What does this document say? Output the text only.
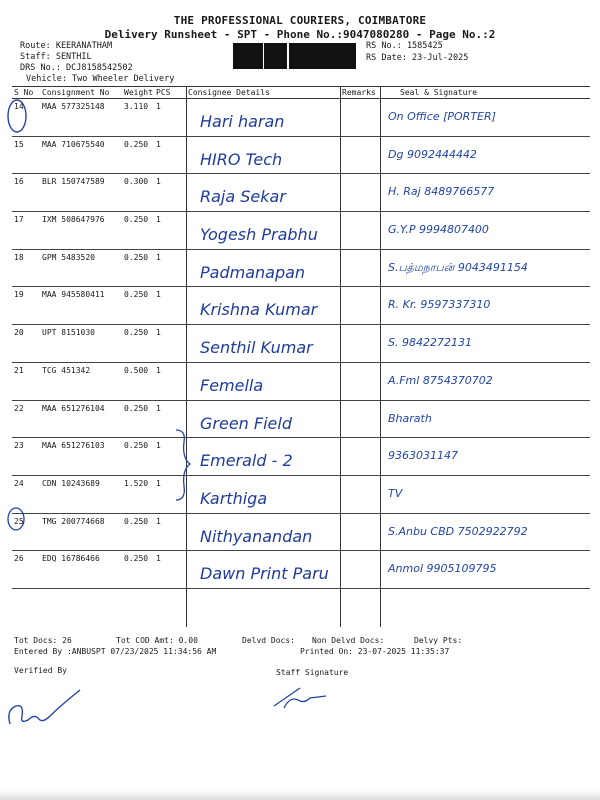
THE PROFESSIONAL COURIERS, COIMBATORE
Delivery Runsheet - SPT - Phone No.:9047080280 - Page No.:2
Route: KEERANATHAM
Staff: SENTHIL
DRS No.: DCJ8158542502
Vehicle: Two Wheeler Delivery
RS No.: 1585425
RS Date: 23-Jul-2025
S No	Consignment No	Weight	PCS	Consignee Details	Remarks	Seal & Signature
14	MAA 577325148	3.110	1	Hari haran		On Office [PORTER]

15	MAA 710675540	0.250	1	HIRO Tech		Dg 9092444442

16	BLR 150747589	0.300	1	Raja Sekar		H. Raj 8489766577

17	IXM 508647976	0.250	1	Yogesh Prabhu		G.Y.P 9994807400

18	GPM 5483520	0.250	1	Padmanapan		S.பத்மநாபன் 9043491154

19	MAA 945580411	0.250	1	Krishna Kumar		R. Kr. 9597337310

20	UPT 8151030	0.250	1	Senthil Kumar		S. 9842272131

21	TCG 451342	0.500	1	Femella		A.Fml 8754370702

22	MAA 651276104	0.250	1	Green Field		Bharath

23	MAA 651276103	0.250	1	Emerald - 2		9363031147

24	CDN 10243689	1.520	1	Karthiga		TV

25	TMG 200774668	0.250	1	Nithyanandan		S.Anbu CBD 7502922792

26	EDQ 16786466	0.250	1	Dawn Print Paru		Anmol 9905109795
Tot Docs: 26	Tot COD Amt: 0.00	Delvd Docs: Non Delvd Docs:	Delvy Pts:
Entered By :ANBUSPT 07/23/2025 11:34:56 AM	Printed On: 23-07-2025 11:35:37
Verified By	Staff Signature
